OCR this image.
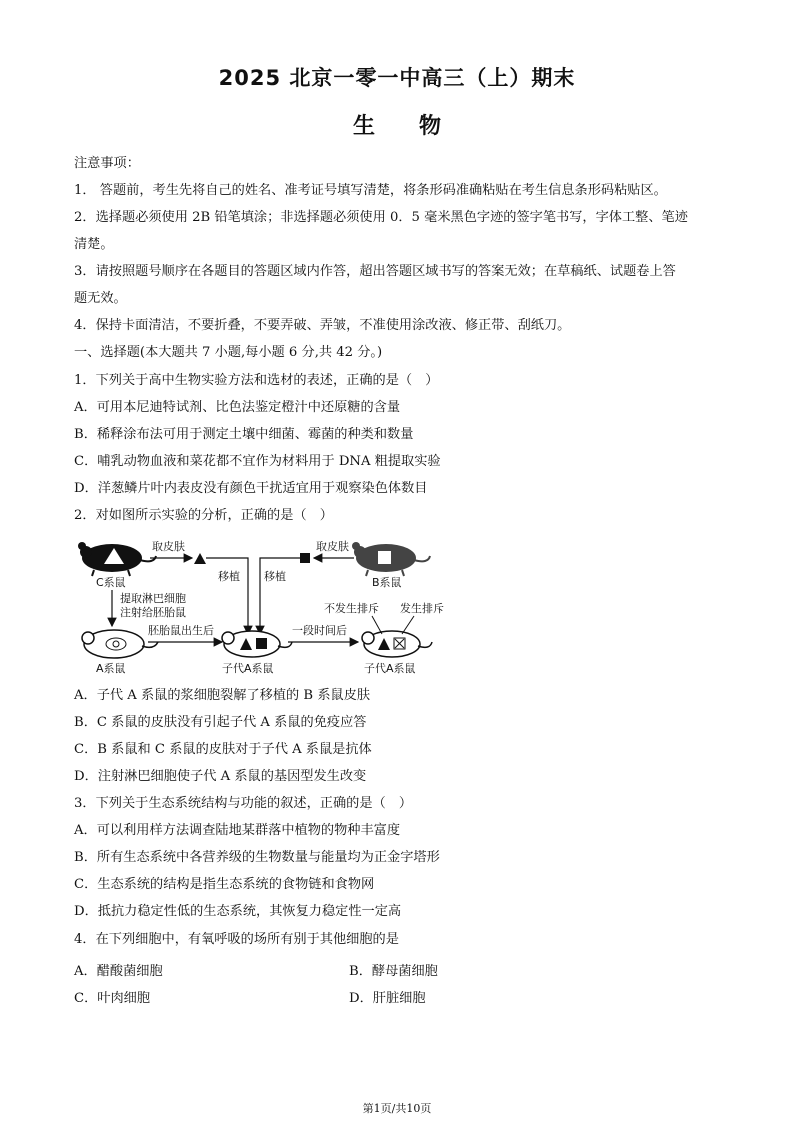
2025 北京一零一中高三（上）期末
生　　物
注意事项：
1． 答题前，考生先将自己的姓名、准考证号填写清楚，将条形码准确粘贴在考生信息条形码粘贴区。
2．选择题必须使用 2B 铅笔填涂；非选择题必须使用 0．5 毫米黑色字迹的签字笔书写，字体工整、笔迹
清楚。
3．请按照题号顺序在各题目的答题区域内作答，超出答题区域书写的答案无效；在草稿纸、试题卷上答
题无效。
4．保持卡面清洁，不要折叠，不要弄破、弄皱，不准使用涂改液、修正带、刮纸刀。
一、选择题(本大题共 7 小题,每小题 6 分,共 42 分。)
1．下列关于高中生物实验方法和选材的表述，正确的是（　）
A．可用本尼迪特试剂、比色法鉴定橙汁中还原糖的含量
B．稀释涂布法可用于测定土壤中细菌、霉菌的种类和数量
C．哺乳动物血液和菜花都不宜作为材料用于 DNA 粗提取实验
D．洋葱鳞片叶内表皮没有颜色干扰适宜用于观察染色体数目
2．对如图所示实验的分析，正确的是（　）
C系鼠
取皮肤
移植	B系鼠
取皮肤
移植
提取淋巴细胞
注射给胚胎鼠
A系鼠
胚胎鼠出生后
子代A系鼠
一段时间后
子代A系鼠
不发生排斥 发生排斥
A．子代 A 系鼠的浆细胞裂解了移植的 B 系鼠皮肤
B．C 系鼠的皮肤没有引起子代 A 系鼠的免疫应答
C．B 系鼠和 C 系鼠的皮肤对于子代 A 系鼠是抗体
D．注射淋巴细胞使子代 A 系鼠的基因型发生改变
3．下列关于生态系统结构与功能的叙述，正确的是（　）
A．可以利用样方法调查陆地某群落中植物的物种丰富度
B．所有生态系统中各营养级的生物数量与能量均为正金字塔形
C．生态系统的结构是指生态系统的食物链和食物网
D．抵抗力稳定性低的生态系统，其恢复力稳定性一定高
4．在下列细胞中，有氧呼吸的场所有别于其他细胞的是
A．醋酸菌细胞	B．酵母菌细胞
C．叶肉细胞	D．肝脏细胞
第1页/共10页
